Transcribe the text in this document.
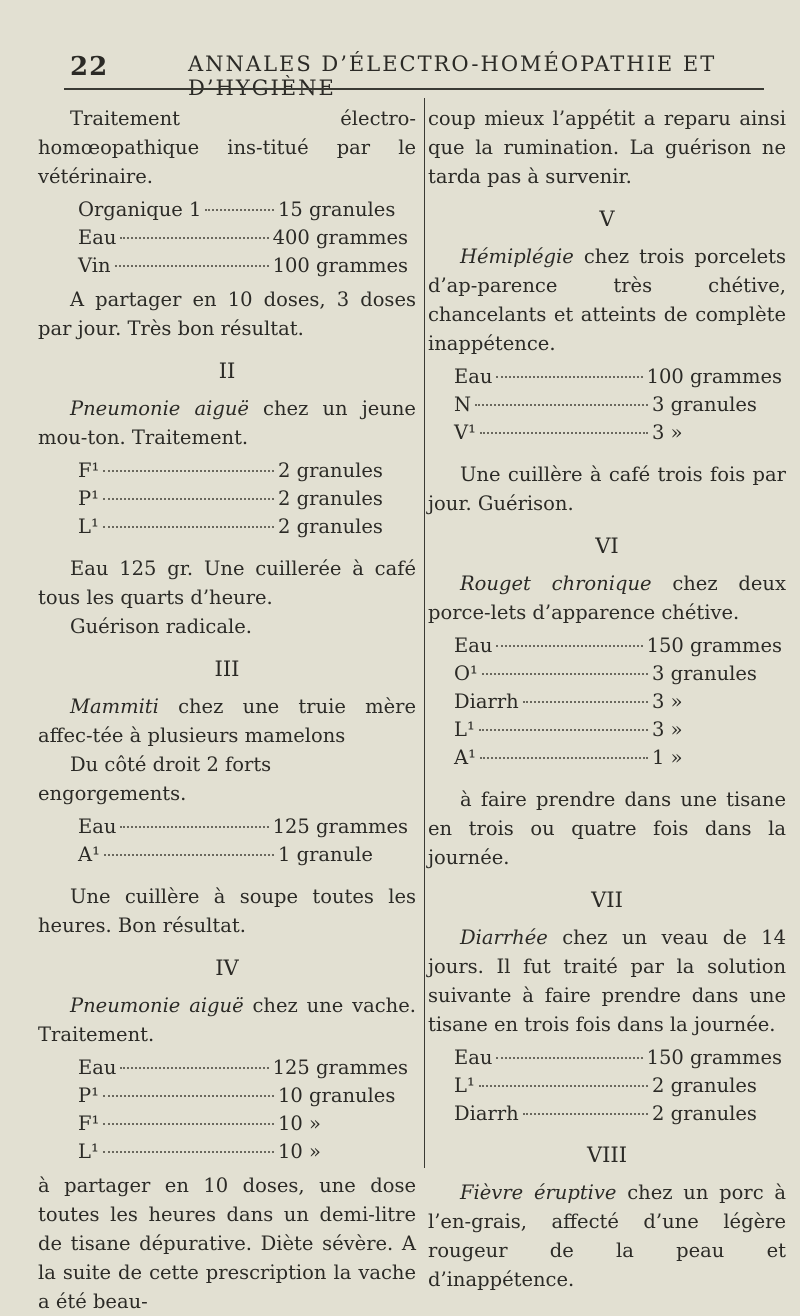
22	ANNALES D’ÉLECTRO-HOMÉOPATHIE ET D’HYGIÈNE

Traitement électro-homœopathique ins-titué par le vétérinaire.

Organique 1	15 granules
Eau	400 grammes
Vin	100 grammes

A partager en 10 doses, 3 doses par jour. Très bon résultat.

II

Pneumonie aiguë chez un jeune mou-ton. Traitement.

F¹	2 granules
P¹	2 granules
L¹	2 granules

Eau 125 gr. Une cuillerée à café tous les quarts d’heure.

Guérison radicale.

III

Mammiti chez une truie mère affec-tée à plusieurs mamelons

Du côté droit 2 forts engorgements.

Eau	125 grammes
A¹	1 granule

Une cuillère à soupe toutes les heures. Bon résultat.

IV

Pneumonie aiguë chez une vache. Traitement.

Eau	125 grammes
P¹	10 granules
F¹	10 »
L¹	10 »

à partager en 10 doses, une dose toutes les heures dans un demi-litre de tisane dépurative. Diète sévère. A la suite de cette prescription la vache a été beau-

coup mieux l’appétit a reparu ainsi que la rumination. La guérison ne tarda pas à survenir.

V

Hémiplégie chez trois porcelets d’ap-parence très chétive, chancelants et atteints de complète inappétence.

Eau	100 grammes
N	3 granules
V¹	3 »

Une cuillère à café trois fois par jour. Guérison.

VI

Rouget chronique chez deux porce-lets d’apparence chétive.

Eau	150 grammes
O¹	3 granules
Diarrh	3 »
L¹	3 »
A¹	1 »

à faire prendre dans une tisane en trois ou quatre fois dans la journée.

VII

Diarrhée chez un veau de 14 jours. Il fut traité par la solution suivante à faire prendre dans une tisane en trois fois dans la journée.

Eau	150 grammes
L¹	2 granules
Diarrh	2 granules
VIII

Fièvre éruptive chez un porc à l’en-grais, affecté d’une légère rougeur de la peau et d’inappétence.
